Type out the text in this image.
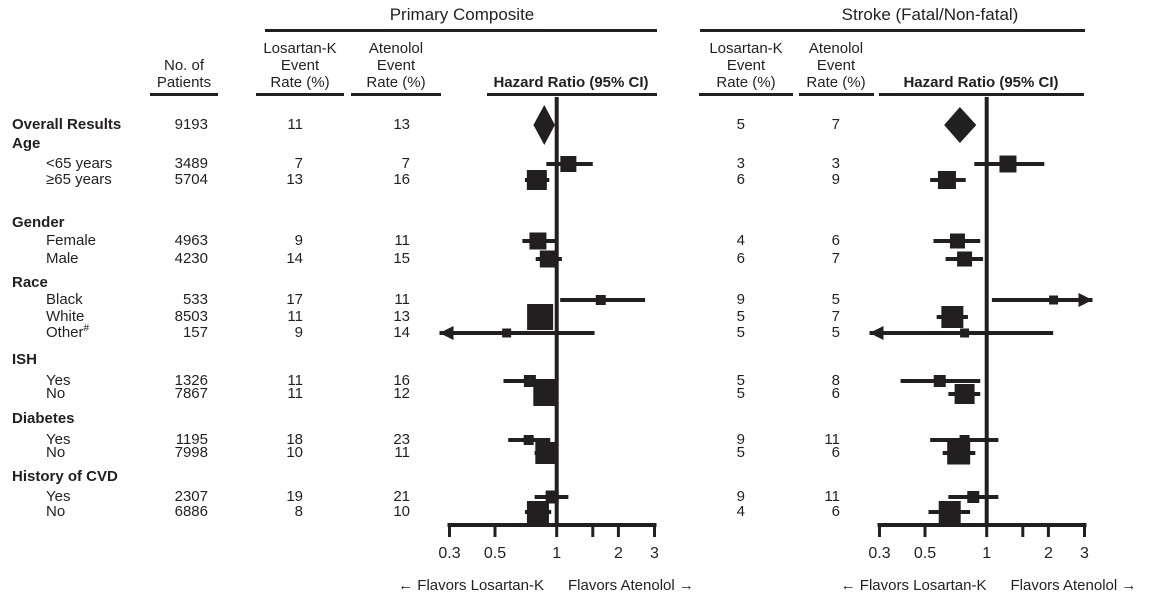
0.3 0.5	1	2 3	0.3 0.5	1	2 3
Primary Composite	Stroke (Fatal/Non-fatal)
Hazard Ratio (95% CI)	Hazard Ratio (95% CI)
No. of
Patients
Losartan-K
Event
Rate (%)
Atenolol
Event
Rate (%)
Losartan-K
Event
Rate (%)
Atenolol
Event
Rate (%)
Overall Results	9193	11	13	5	7
Age
<65 years	3489	7	7	3	3
≥65 years	5704	13	16	6	9
Gender
Female	4963	9	11	4	6
Male	4230	14	15	6	7
Race
Black	533	17	11	9	5
White	8503	11	13	5	7
Other#	157	9	14	5	5
ISH
Yes	1326	11	16	5	8
No	7867	11	12	5	6
Diabetes
Yes	1195	18	23	9	11
No	7998	10	11	5	6
History of CVD
Yes	2307	19	21	9	11
No	6886	8	10	4	6
← Flavors Losartan-K Flavors Atenolol →	← Flavors Losartan-K Flavors Atenolol →
